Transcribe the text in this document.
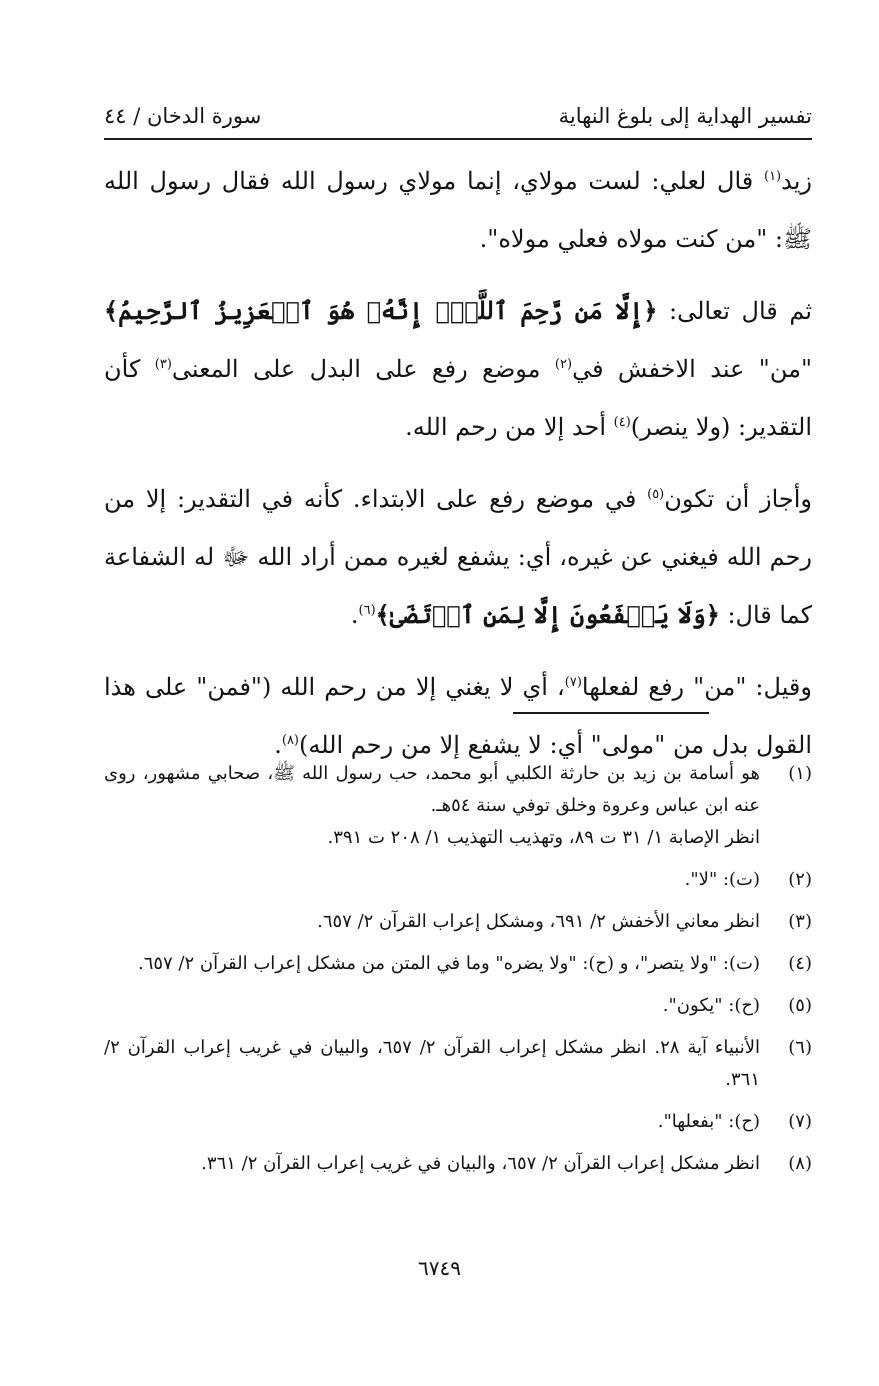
تفسير الهداية إلى بلوغ النهاية
سورة الدخان / ٤٤

زيد$^{(١)}$ قال لعلي: لست مولاي، إنما مولاي رسول الله فقال رسول الله ﷺ: "من كنت مولاه فعلي مولاه".

ثم قال تعالى: ﴿إِلَّا مَن رَّحِمَ ٱللَّهُۚ إِنَّهُۥ هُوَ ٱلۡعَزِيزُ ٱلرَّحِيمُ﴾ "من" عند الاخفش في$^{(٢)}$ موضع رفع على البدل على المعنى$^{(٣)}$ كأن التقدير: (ولا ينصر)$^{(٤)}$ أحد إلا من رحم الله.

وأجاز أن تكون$^{(٥)}$ في موضع رفع على الابتداء. كأنه في التقدير: إلا من رحم الله فيغني عن غيره، أي: يشفع لغيره ممن أراد الله ﷻ له الشفاعة كما قال: ﴿وَلَا يَشۡفَعُونَ إِلَّا لِمَنِ ٱرۡتَضَىٰ﴾$^{(٦)}$.

وقيل: "من" رفع لفعلها$^{(٧)}$، أي لا يغني إلا من رحم الله ("فمن" على هذا القول بدل من "مولى" أي: لا يشفع إلا من رحم الله)$^{(٨)}$.

(١)
هو أسامة بن زيد بن حارثة الكلبي أبو محمد، حب رسول الله ﷺ، صحابي مشهور، روى عنه ابن عباس وعروة وخلق توفي سنة ٥٤هـ.
انظر الإصابة ١/ ٣١ ت ٨٩، وتهذيب التهذيب ١/ ٢٠٨ ت ٣٩١.
(٢)
(ت): "لا".
(٣)
انظر معاني الأخفش ٢/ ٦٩١، ومشكل إعراب القرآن ٢/ ٦٥٧.
(٤)
(ت): "ولا يتصر"، و (ح): "ولا يضره" وما في المتن من مشكل إعراب القرآن ٢/ ٦٥٧.
(٥)
(ح): "يكون".
(٦)
الأنبياء آية ٢٨. انظر مشكل إعراب القرآن ٢/ ٦٥٧، والبيان في غريب إعراب القرآن ٢/ ٣٦١.
(٧)
(ح): "بفعلها".
(٨)
انظر مشكل إعراب القرآن ٢/ ٦٥٧، والبيان في غريب إعراب القرآن ٢/ ٣٦١.
٦٧٤٩
